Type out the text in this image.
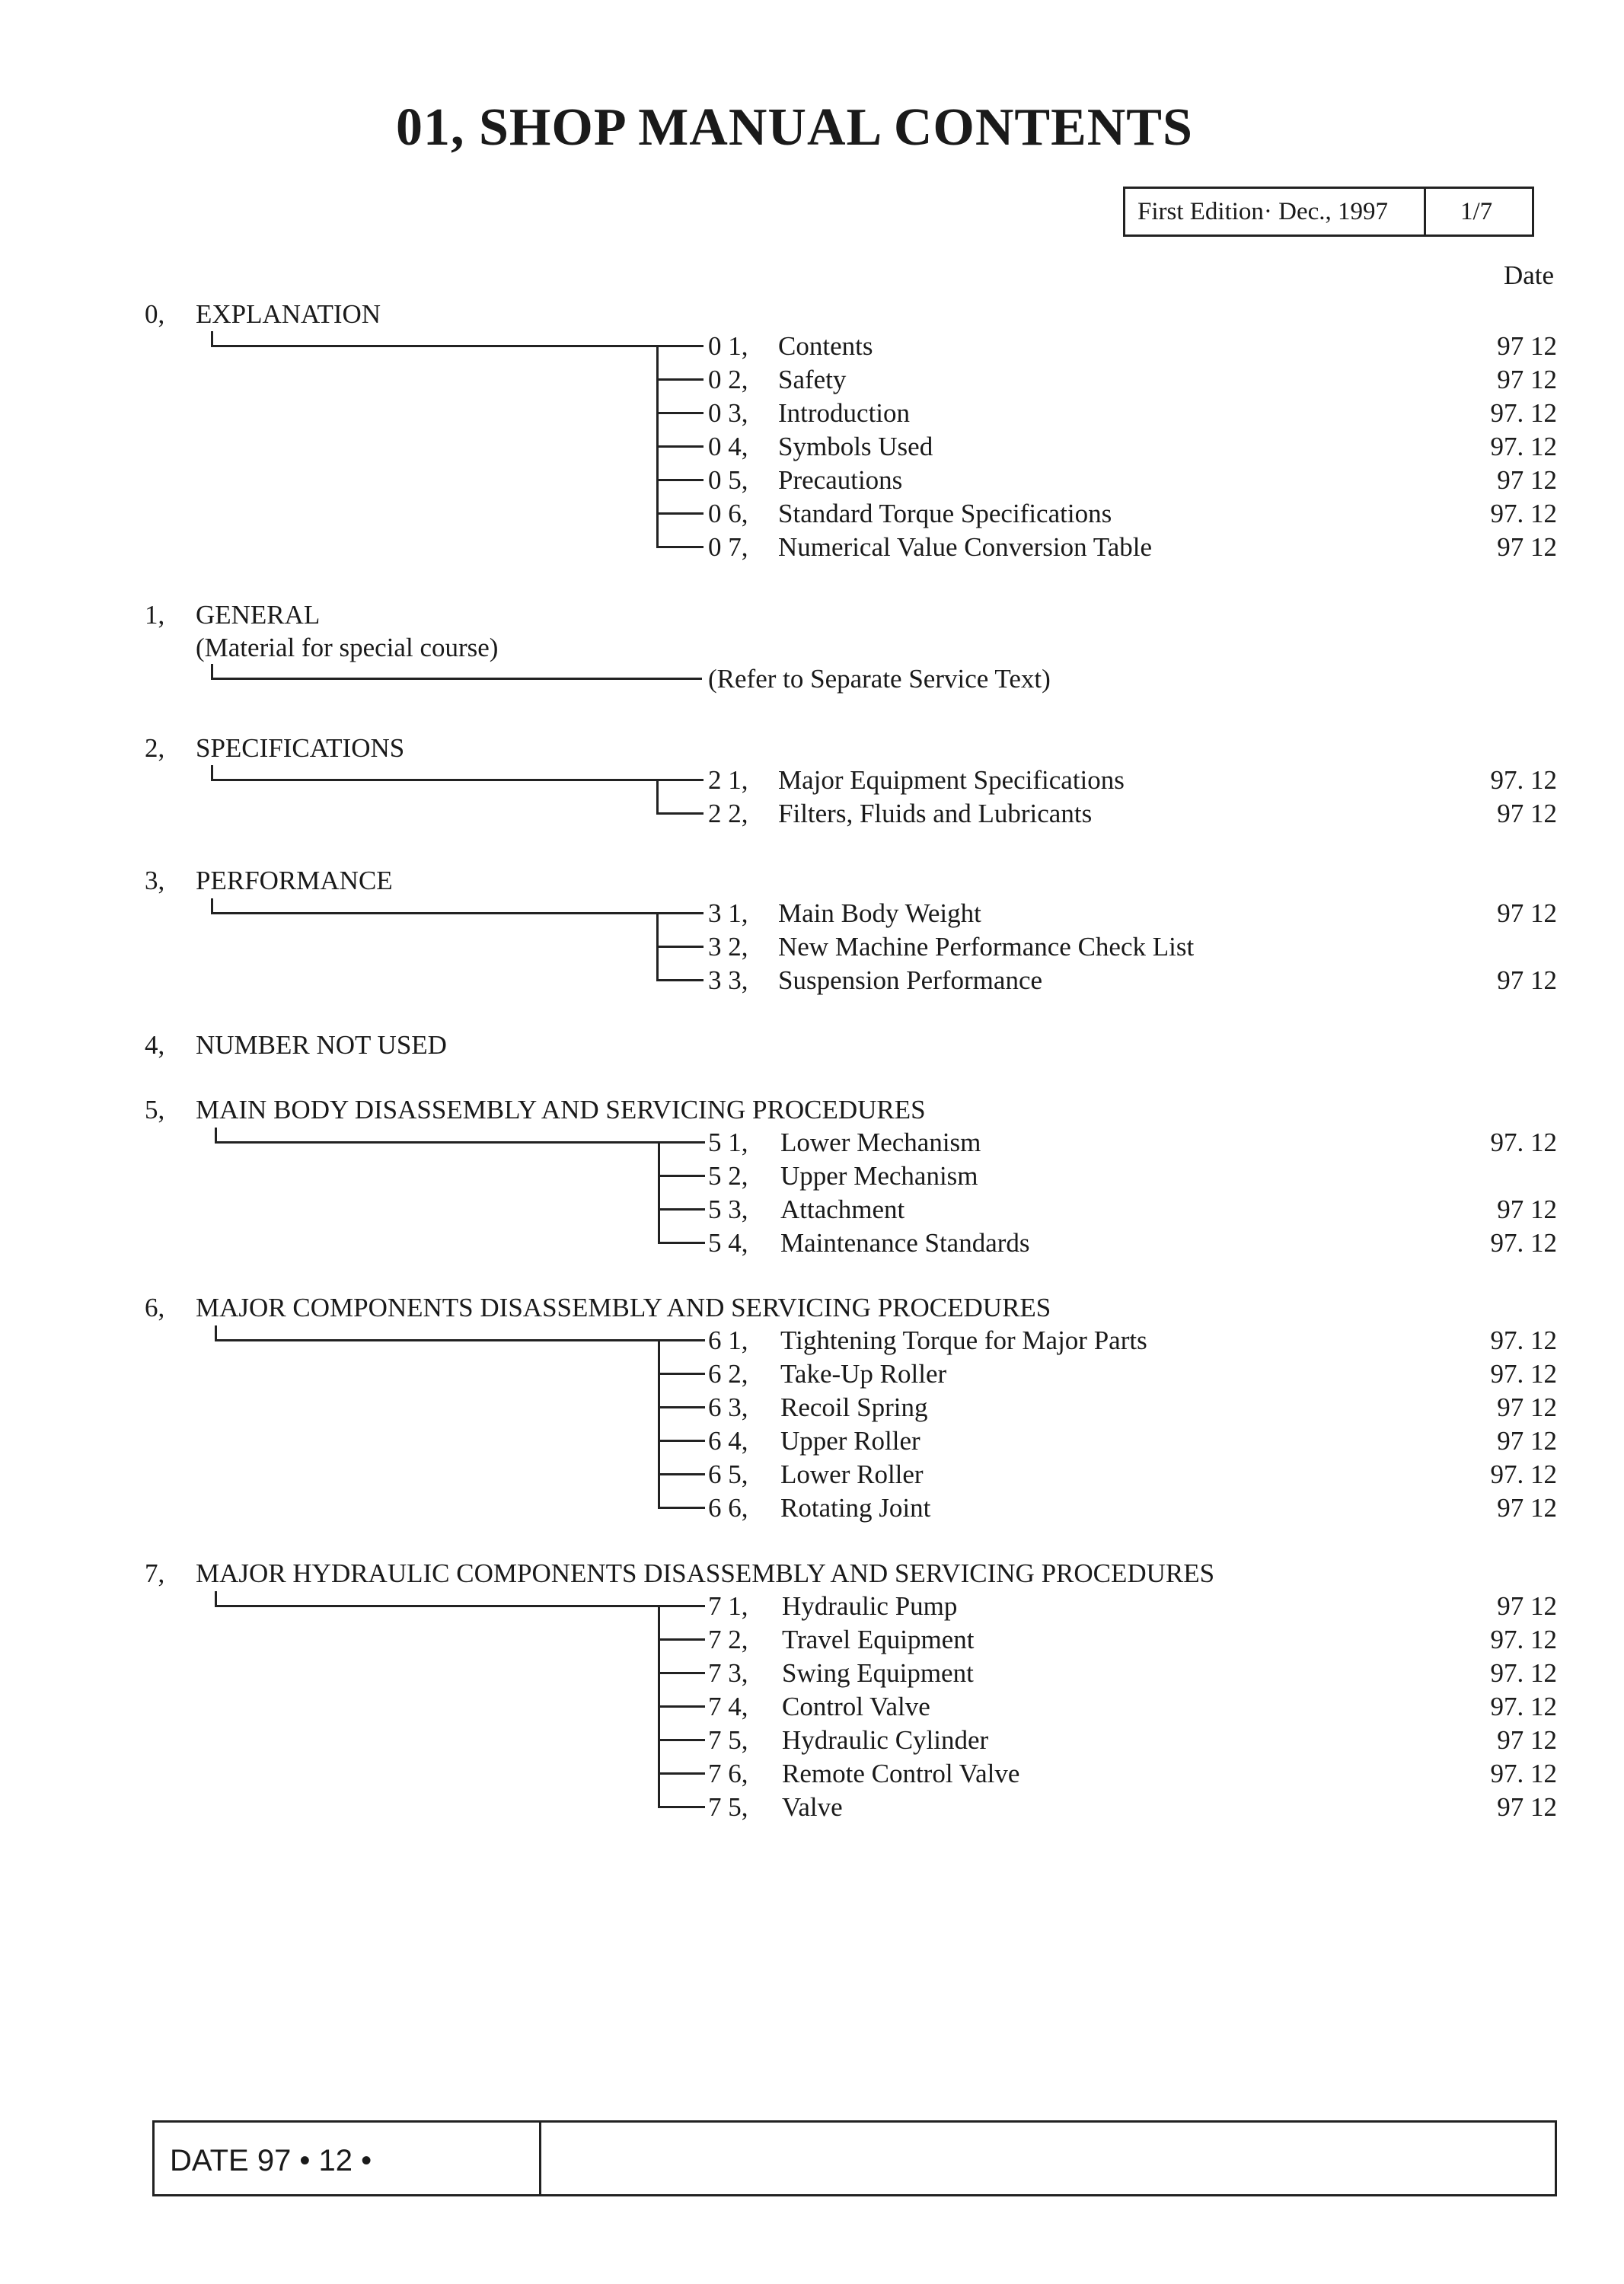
01, SHOP MANUAL CONTENTS
First Edition· Dec., 1997	1/7
Date
0, EXPLANATION
0 1, Contents	97 12
0 2, Safety	97 12
0 3, Introduction	97. 12
0 4, Symbols Used	97. 12
0 5, Precautions	97 12
0 6, Standard Torque Specifications	97. 12
0 7, Numerical Value Conversion Table	97 12
1, GENERAL
(Material for special course)
(Refer to Separate Service Text)
2, SPECIFICATIONS
2 1, Major Equipment Specifications	97. 12
2 2, Filters, Fluids and Lubricants	97 12
3, PERFORMANCE
3 1, Main Body Weight	97 12
3 2, New Machine Performance Check List
3 3, Suspension Performance	97 12
4, NUMBER NOT USED
5, MAIN BODY DISASSEMBLY AND SERVICING PROCEDURES
5 1, Lower Mechanism	97. 12
5 2, Upper Mechanism
5 3, Attachment	97 12
5 4, Maintenance Standards	97. 12
6, MAJOR COMPONENTS DISASSEMBLY AND SERVICING PROCEDURES
6 1, Tightening Torque for Major Parts	97. 12
6 2, Take-Up Roller	97. 12
6 3, Recoil Spring	97 12
6 4, Upper Roller	97 12
6 5, Lower Roller	97. 12
6 6, Rotating Joint	97 12
7, MAJOR HYDRAULIC COMPONENTS DISASSEMBLY AND SERVICING PROCEDURES
7 1, Hydraulic Pump	97 12
7 2, Travel Equipment	97. 12
7 3, Swing Equipment	97. 12
7 4, Control Valve	97. 12
7 5, Hydraulic Cylinder	97 12
7 6, Remote Control Valve	97. 12
7 5, Valve	97 12
DATE 97 • 12 •
